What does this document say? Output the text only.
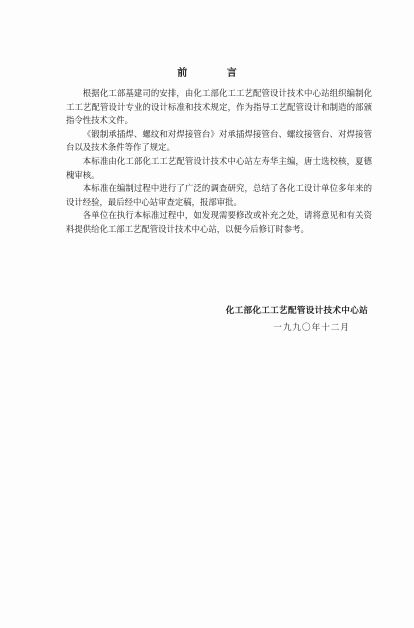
前 言

根据化工部基建司的安排，由化工部化工工艺配管设计技术中心站组织编制化工工艺配管设计专业的设计标准和技术规定，作为指导工艺配管设计和制造的部颁指令性技术文件。

《锻制承插焊、螺纹和对焊接管台》对承插焊接管台、螺纹接管台、对焊接管台以及技术条件等作了规定。

本标准由化工部化工工艺配管设计技术中心站左寿华主编，唐士选校核，夏德槐审核。

本标准在编制过程中进行了广泛的调查研究，总结了各化工设计单位多年来的设计经验，最后经中心站审查定稿，报部审批。

各单位在执行本标准过程中，如发现需要修改或补充之处，请将意见和有关资料提供给化工部工艺配管设计技术中心站，以便今后修订时参考。

化工部化工工艺配管设计技术中心站
一九九〇年十二月
